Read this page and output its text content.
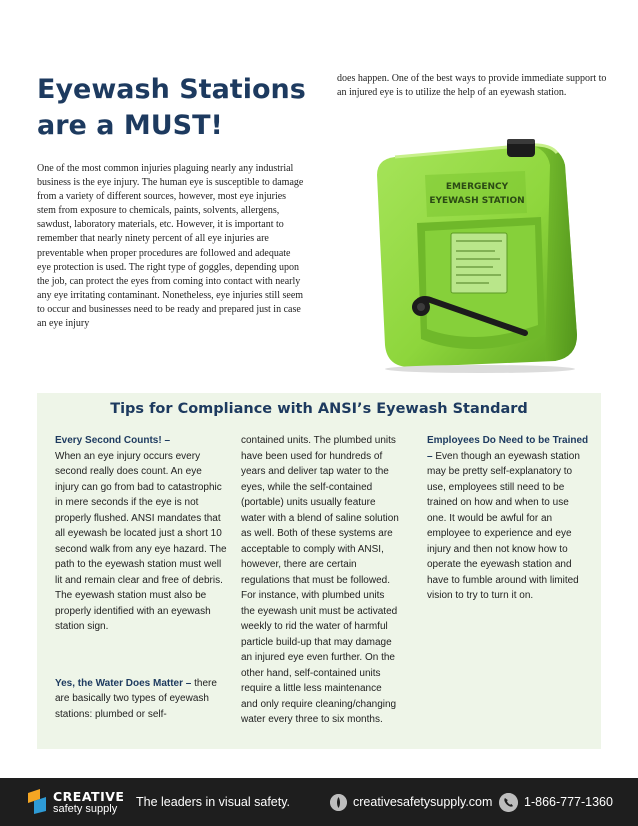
Eyewash Stations
are a MUST!

One of the most common injuries plaguing nearly any industrial business is the eye injury. The human eye is susceptible to damage from a variety of different sources, however, most eye injuries stem from exposure to chemicals, paints, solvents, allergens, sawdust, laboratory materials, etc. However, it is important to remember that nearly ninety percent of all eye injuries are preventable when proper procedures are followed and adequate eye protection is used. The right type of goggles, depending upon the job, can protect the eyes from coming into contact with nearly any eye irritating contaminant. Nonetheless, eye injuries still seem to occur and businesses need to be ready and prepared just in case an eye injury

does happen. One of the best ways to provide immediate support to an injured eye is to utilize the help of an eyewash station.

EMERGENCY
EYEWASH STATION
Tips for Compliance with ANSI’s Eyewash Standard

Every Second Counts! –
When an eye injury occurs every second really does count. An eye injury can go from bad to catastrophic in mere seconds if the eye is not properly flushed. ANSI mandates that all eyewash be located just a short 10 second walk from any eye hazard. The path to the eyewash station must well lit and remain clear and free of debris. The eyewash station must also be properly identified with an eyewash station sign.

Yes, the Water Does Matter – there are basically two types of eyewash stations: plumbed or self-

contained units. The plumbed units have been used for hundreds of years and deliver tap water to the eyes, while the self-contained (portable) units usually feature water with a blend of saline solution as well. Both of these systems are acceptable to comply with ANSI, however, there are certain regulations that must be followed. For instance, with plumbed units the eyewash unit must be activated weekly to rid the water of harmful particle build-up that may damage an injured eye even further. On the other hand, self-contained units require a little less maintenance and only require cleaning/changing water every three to six months.

Employees Do Need to be Trained – Even though an eyewash station may be pretty self-explanatory to use, employees still need to be trained on how and when to use one. It would be awful for an employee to experience and eye injury and then not know how to operate the eyewash station and have to fumble around with limited vision to try to turn it on.

CREATIVE
safety supply The leaders in visual safety.	creativesafetysupply.com	1-866-777-1360
